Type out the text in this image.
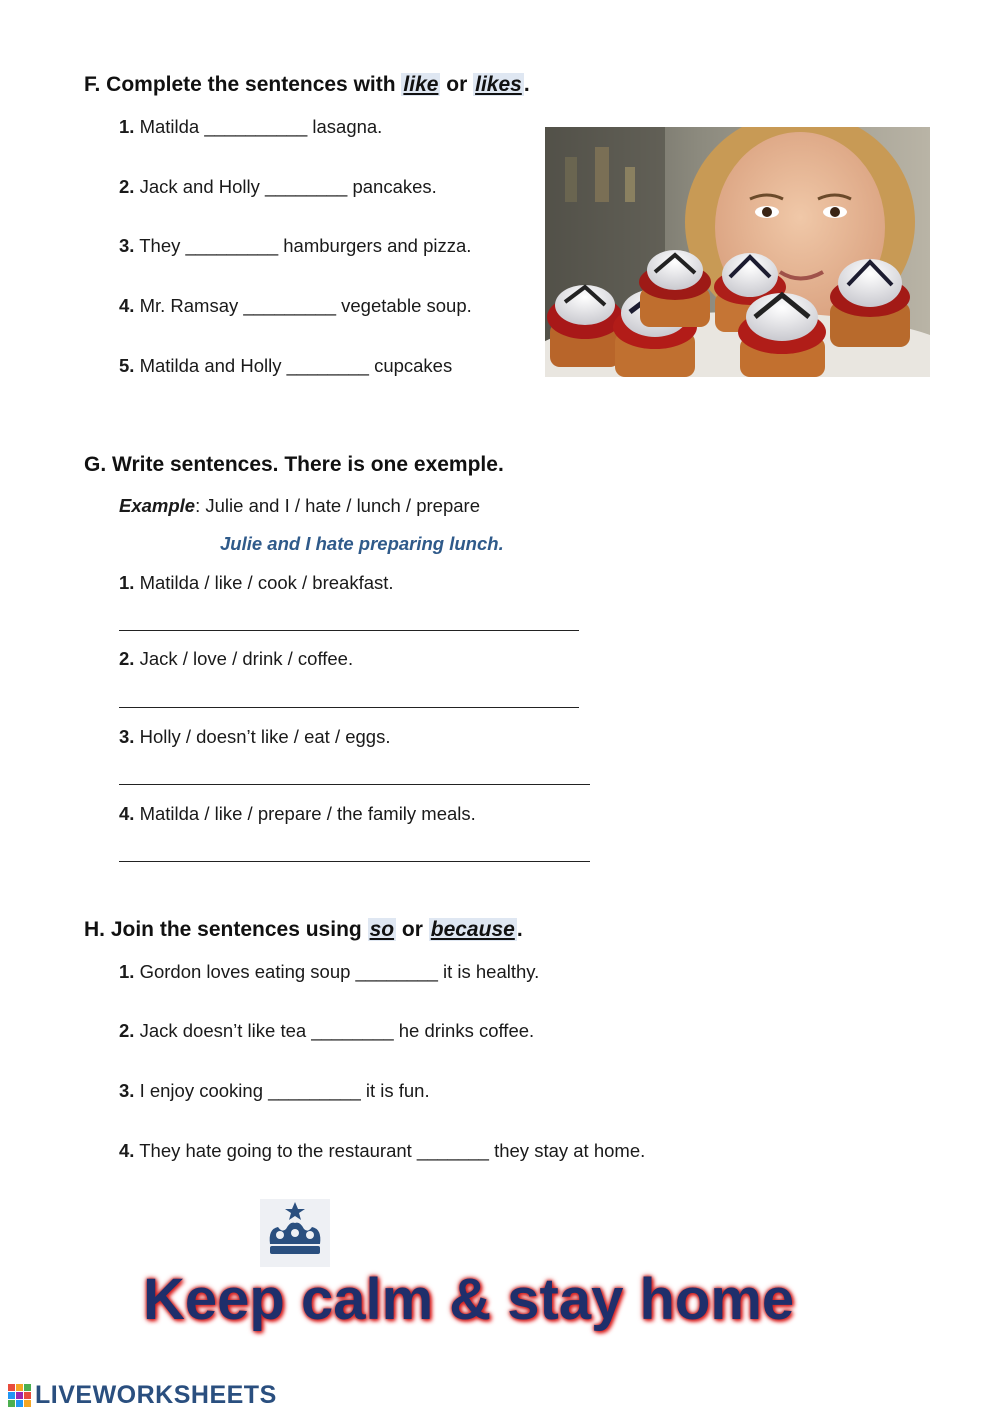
F. Complete the sentences with like or likes.
1. Matilda __________ lasagna.
2. Jack and Holly ________ pancakes.
3. They _________ hamburgers and pizza.
4. Mr. Ramsay _________ vegetable soup.
5. Matilda and Holly ________ cupcakes
G. Write sentences. There is one exemple.
Example: Julie and I / hate / lunch / prepare
Julie and I hate preparing lunch.
1. Matilda / like / cook / breakfast.
2. Jack / love / drink / coffee.
3. Holly / doesn’t like / eat / eggs.
4. Matilda / like / prepare / the family meals.
H. Join the sentences using so or because.
1. Gordon loves eating soup ________ it is healthy.
2. Jack doesn’t like tea ________ he drinks coffee.
3. I enjoy cooking _________ it is fun.
4. They hate going to the restaurant _______ they stay at home.
Keep calm & stay home
LIVEWORKSHEETS
